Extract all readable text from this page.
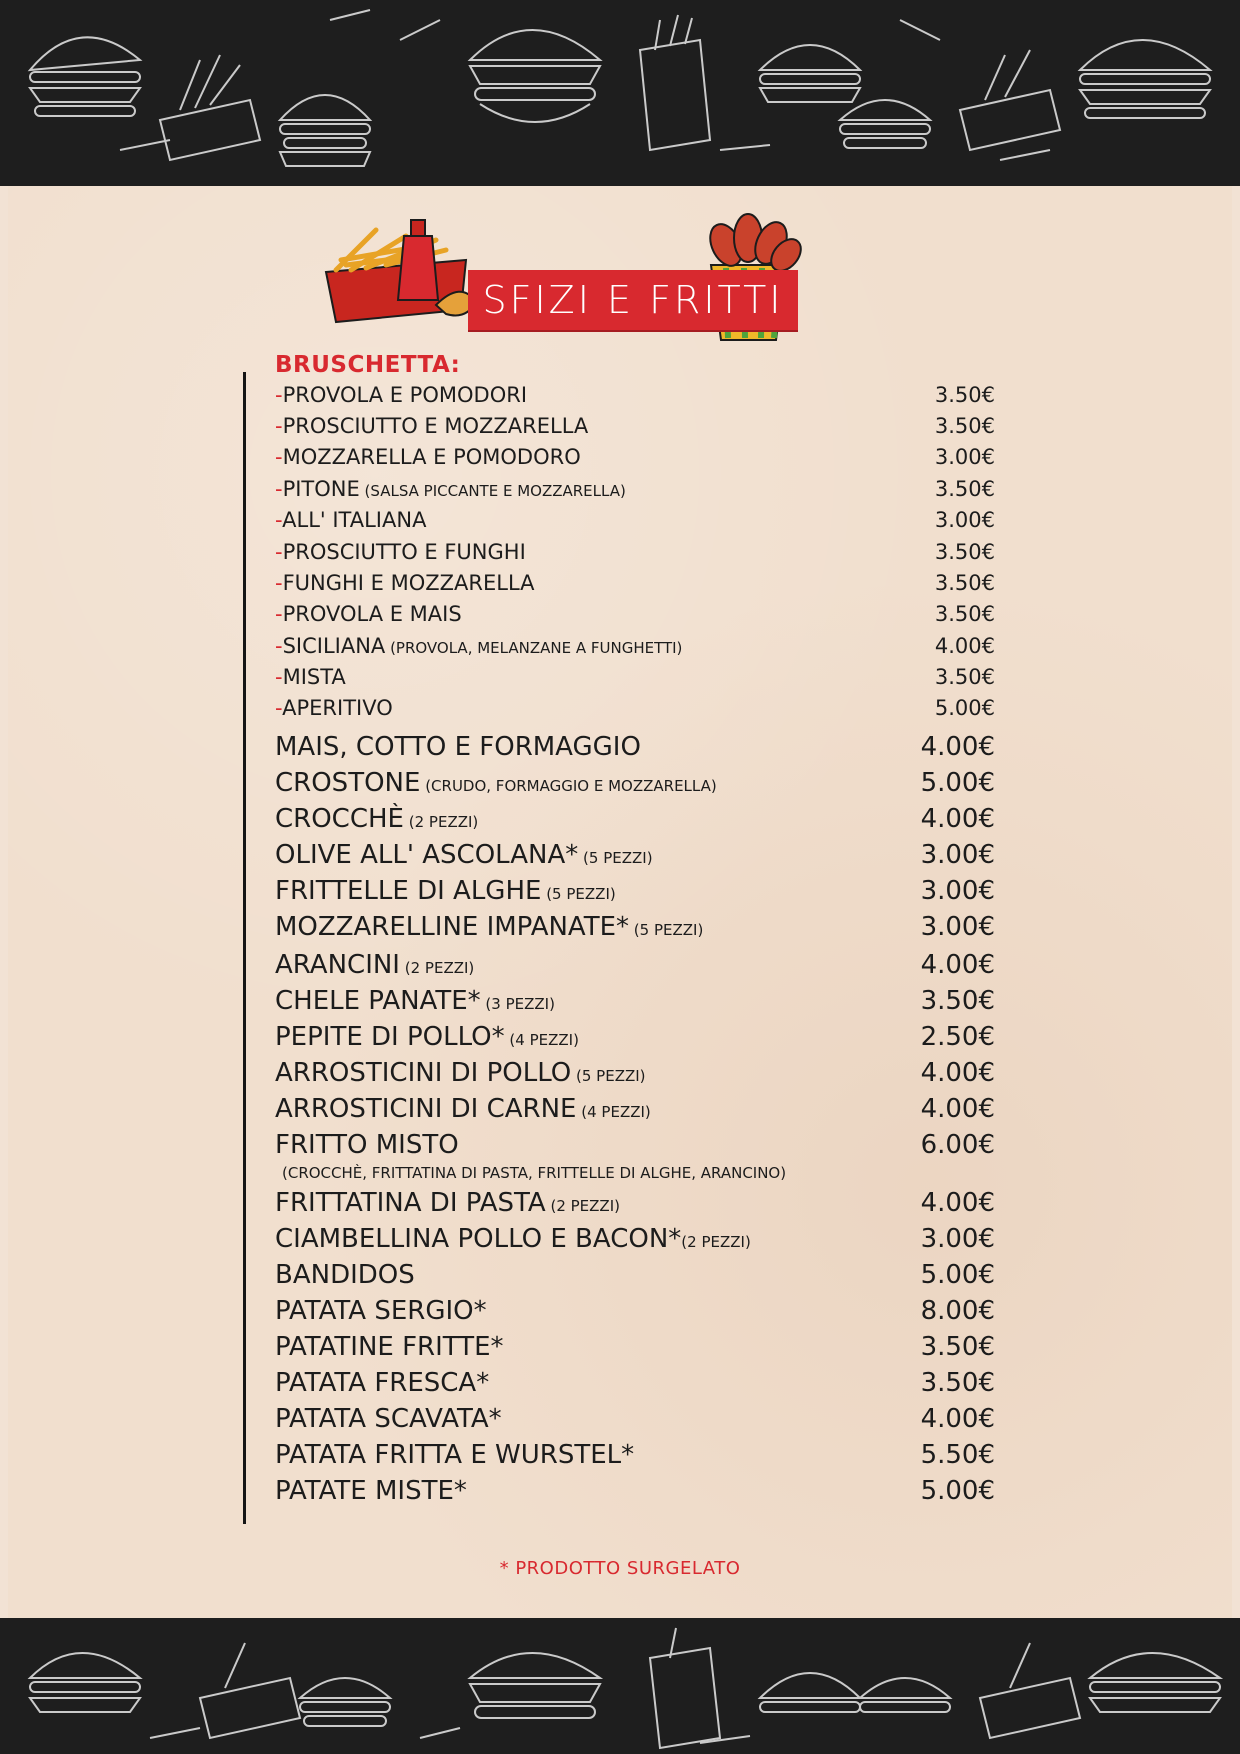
SFIZI E FRITTI
BRUSCHETTA:
-PROVOLA E POMODORI	3.50€
-PROSCIUTTO E MOZZARELLA	3.50€
-MOZZARELLA E POMODORO	3.00€
-PITONE (SALSA PICCANTE E MOZZARELLA)	3.50€
-ALL' ITALIANA	3.00€
-PROSCIUTTO E FUNGHI	3.50€
-FUNGHI E MOZZARELLA	3.50€
-PROVOLA E MAIS	3.50€
-SICILIANA (PROVOLA, MELANZANE A FUNGHETTI)	4.00€
-MISTA	3.50€
-APERITIVO	5.00€
MAIS, COTTO E FORMAGGIO	4.00€
CROSTONE (CRUDO, FORMAGGIO E MOZZARELLA)	5.00€
CROCCHÈ (2 PEZZI)	4.00€
OLIVE ALL' ASCOLANA* (5 PEZZI)	3.00€
FRITTELLE DI ALGHE (5 PEZZI)	3.00€
MOZZARELLINE IMPANATE* (5 PEZZI)	3.00€
ARANCINI (2 PEZZI)	4.00€
CHELE PANATE* (3 PEZZI)	3.50€
PEPITE DI POLLO* (4 PEZZI)	2.50€
ARROSTICINI DI POLLO (5 PEZZI)	4.00€
ARROSTICINI DI CARNE (4 PEZZI)	4.00€
FRITTO MISTO	6.00€
FRITTATINA DI PASTA (2 PEZZI)	4.00€
CIAMBELLINA POLLO E BACON*(2 PEZZI)	3.00€
BANDIDOS	5.00€
PATATA SERGIO*	8.00€
PATATINE FRITTE*	3.50€
PATATA FRESCA*	3.50€
PATATA SCAVATA*	4.00€
PATATA FRITTA E WURSTEL*	5.50€
PATATE MISTE*	5.00€
(CROCCHÈ, FRITTATINA DI PASTA, FRITTELLE DI ALGHE, ARANCINO)
* PRODOTTO SURGELATO
